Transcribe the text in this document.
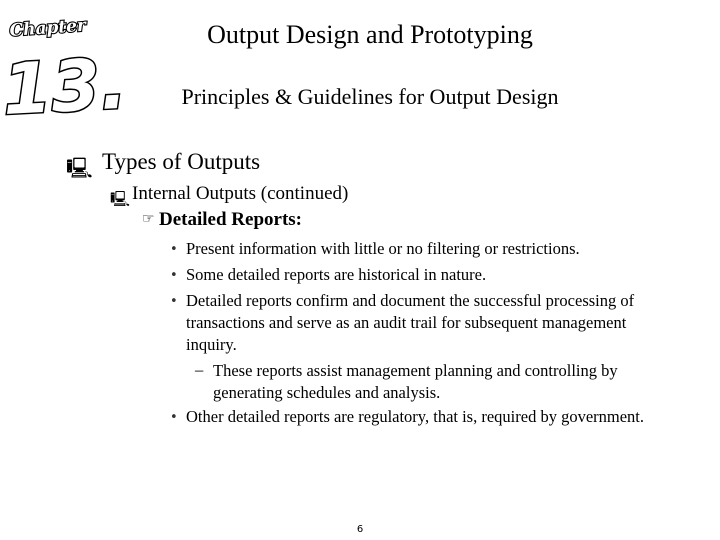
Chapter
13.
Output Design and Prototyping
Principles & Guidelines for Output Design
🖳 Types of Outputs
🖳 Internal Outputs (continued)
☞ Detailed Reports:
• Present information with little or no filtering or restrictions.
• Some detailed reports are historical in nature.
• Detailed reports confirm and document the successful processing of transactions and serve as an audit trail for subsequent management inquiry.
– These reports assist management planning and controlling by generating schedules and analysis.
• Other detailed reports are regulatory, that is, required by government.
6
